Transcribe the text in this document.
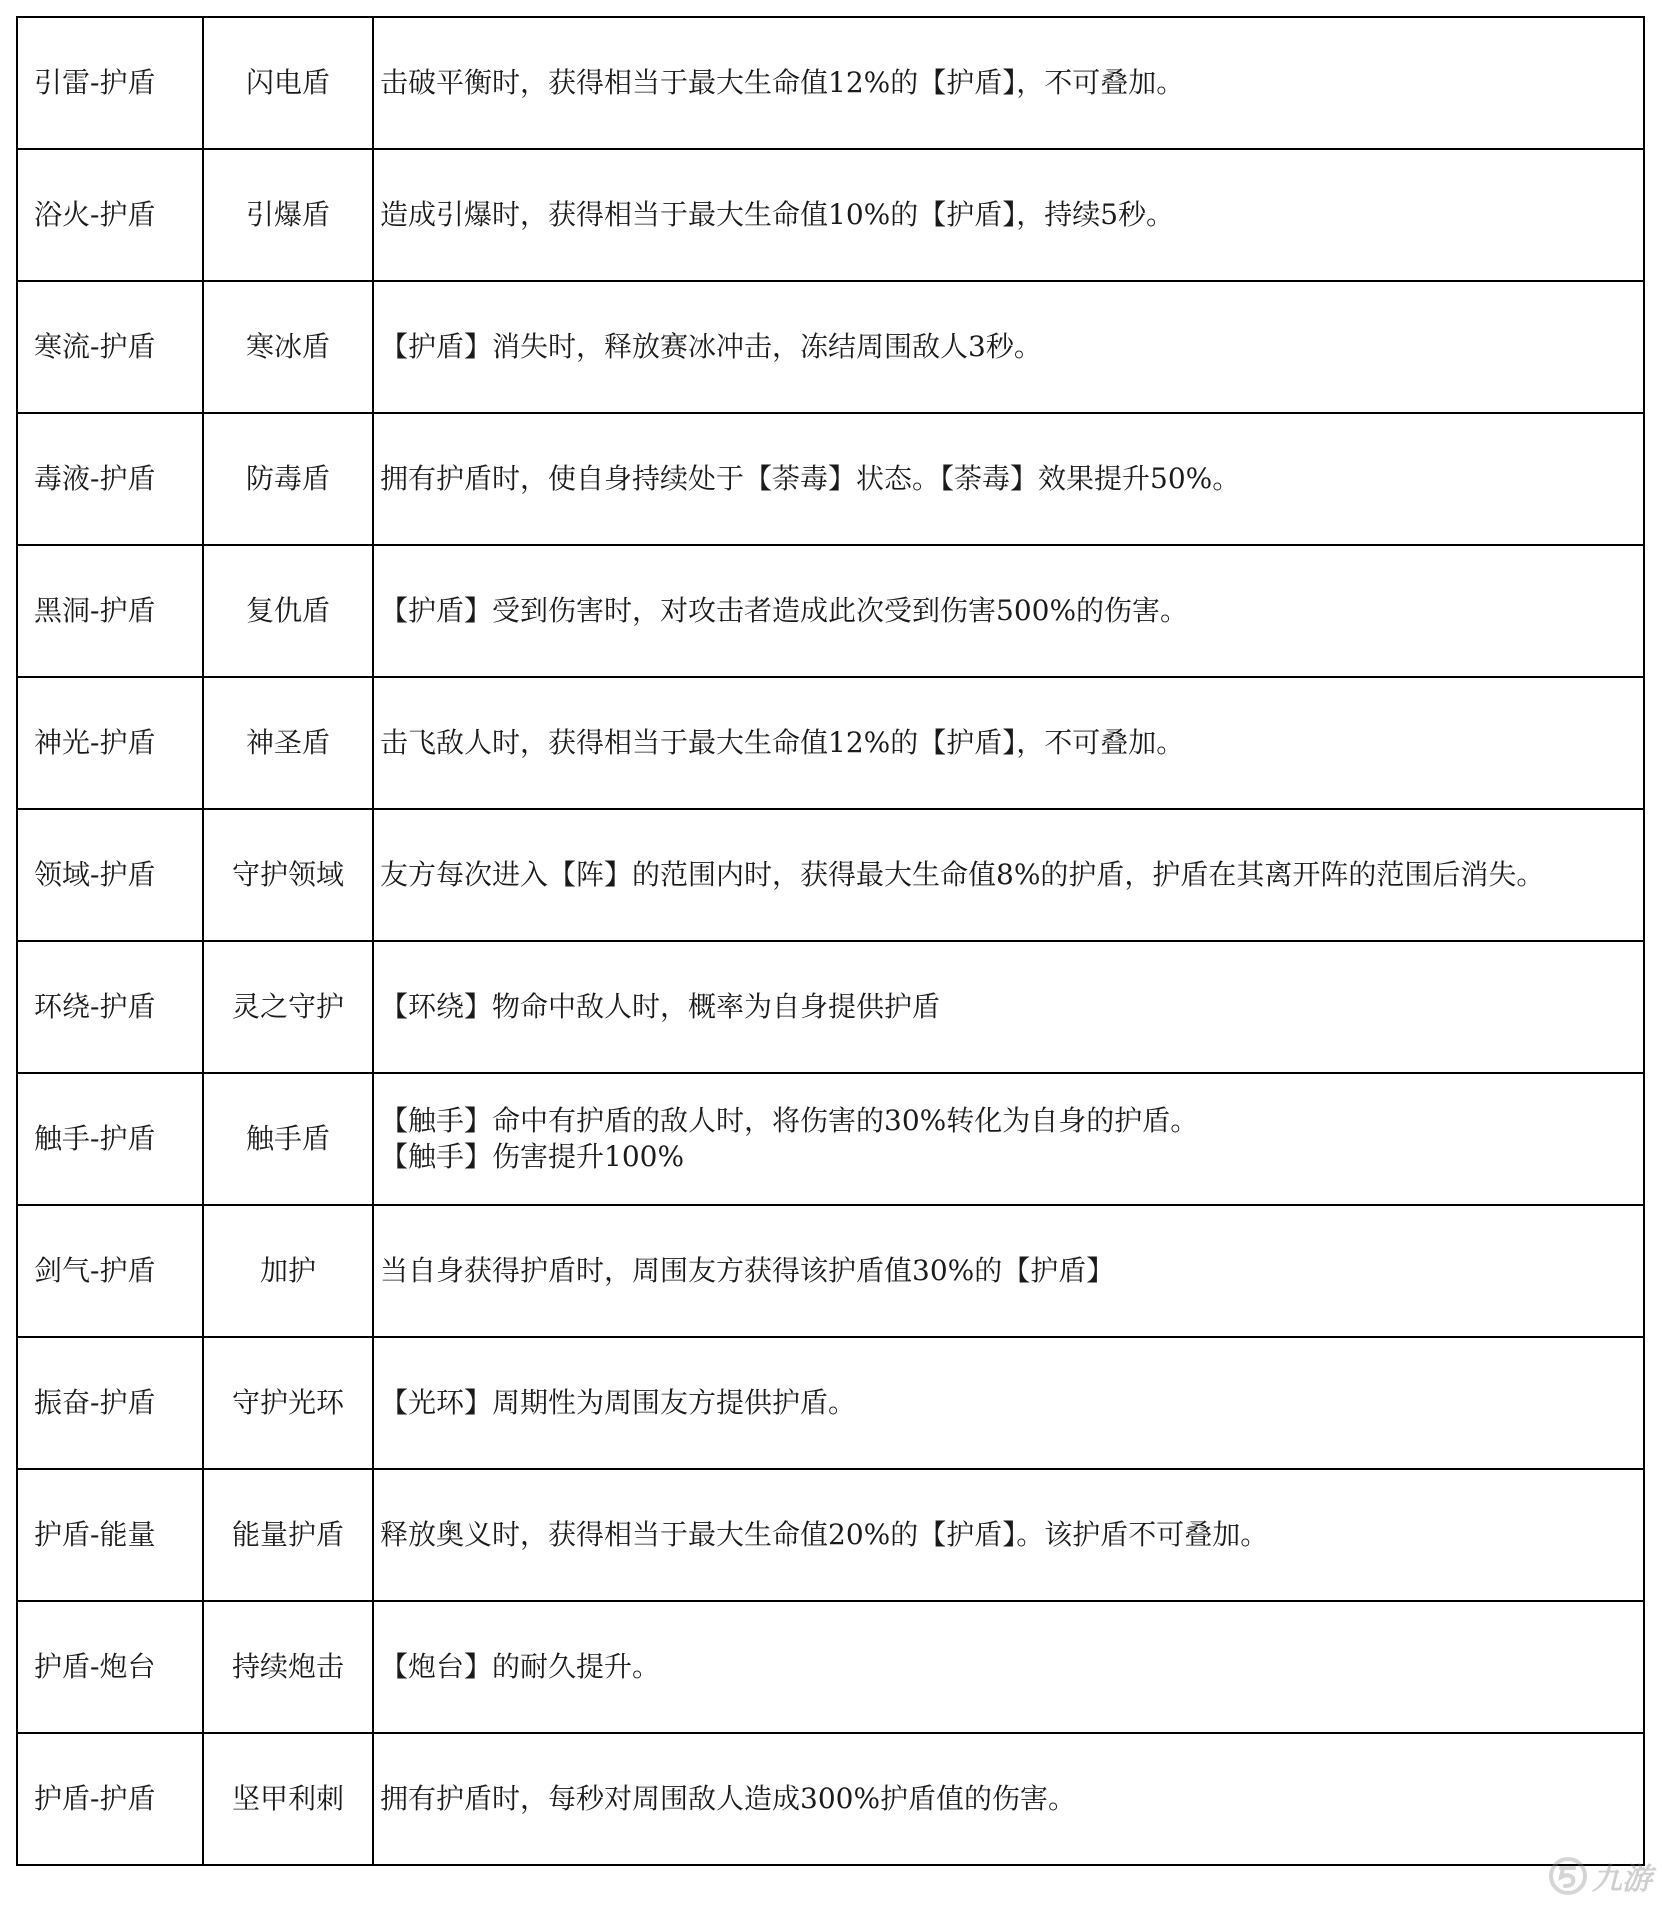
引雷-护盾	闪电盾	击破平衡时，获得相当于最大生命值12%的【护盾】，不可叠加。

浴火-护盾	引爆盾	造成引爆时，获得相当于最大生命值10%的【护盾】，持续5秒。

寒流-护盾	寒冰盾	【护盾】消失时，释放赛冰冲击，冻结周围敌人3秒。

毒液-护盾	防毒盾	拥有护盾时，使自身持续处于【荼毒】状态。【荼毒】效果提升50%。

黑洞-护盾	复仇盾	【护盾】受到伤害时，对攻击者造成此次受到伤害500%的伤害。

神光-护盾	神圣盾	击飞敌人时，获得相当于最大生命值12%的【护盾】，不可叠加。

领域-护盾	守护领域	友方每次进入【阵】的范围内时，获得最大生命值8%的护盾，护盾在其离开阵的范围后消失。

环绕-护盾	灵之守护	【环绕】物命中敌人时，概率为自身提供护盾

触手-护盾	触手盾	【触手】命中有护盾的敌人时，将伤害的30%转化为自身的护盾。
【触手】伤害提升100%

剑气-护盾	加护	当自身获得护盾时，周围友方获得该护盾值30%的【护盾】

振奋-护盾	守护光环	【光环】周期性为周围友方提供护盾。

护盾-能量	能量护盾	释放奥义时，获得相当于最大生命值20%的【护盾】。该护盾不可叠加。

护盾-炮台	持续炮击	【炮台】的耐久提升。

护盾-护盾	坚甲利刺	拥有护盾时，每秒对周围敌人造成300%护盾值的伤害。
九游
